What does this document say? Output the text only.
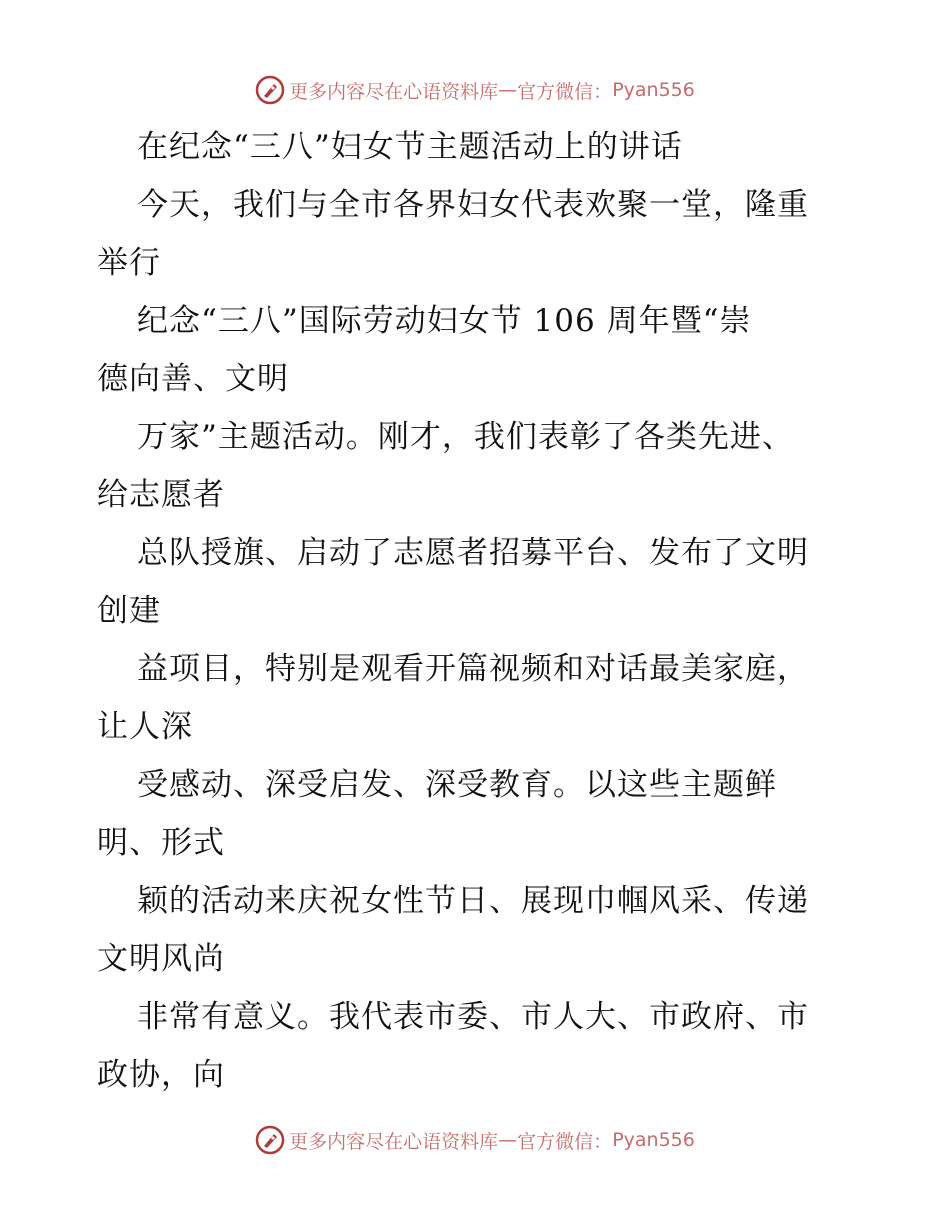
更多内容尽在心语资料库 — 官方微信： Pyan556
在纪念“三八”妇女节主题活动上的讲话
今天，我们与全市各界妇女代表欢聚一堂，隆重
举行
纪念“三八”国际劳动妇女节 106 周年暨“崇
德向善、文明
万家”主题活动。刚才，我们表彰了各类先进、
给志愿者
总队授旗、启动了志愿者招募平台、发布了文明
创建
益项目，特别是观看开篇视频和对话最美家庭，
让人深
受感动、深受启发、深受教育。以这些主题鲜
明、形式
颖的活动来庆祝女性节日、展现巾帼风采、传递
文明风尚
非常有意义。我代表市委、市人大、市政府、市
政协，向
更多内容尽在心语资料库 — 官方微信： Pyan556
